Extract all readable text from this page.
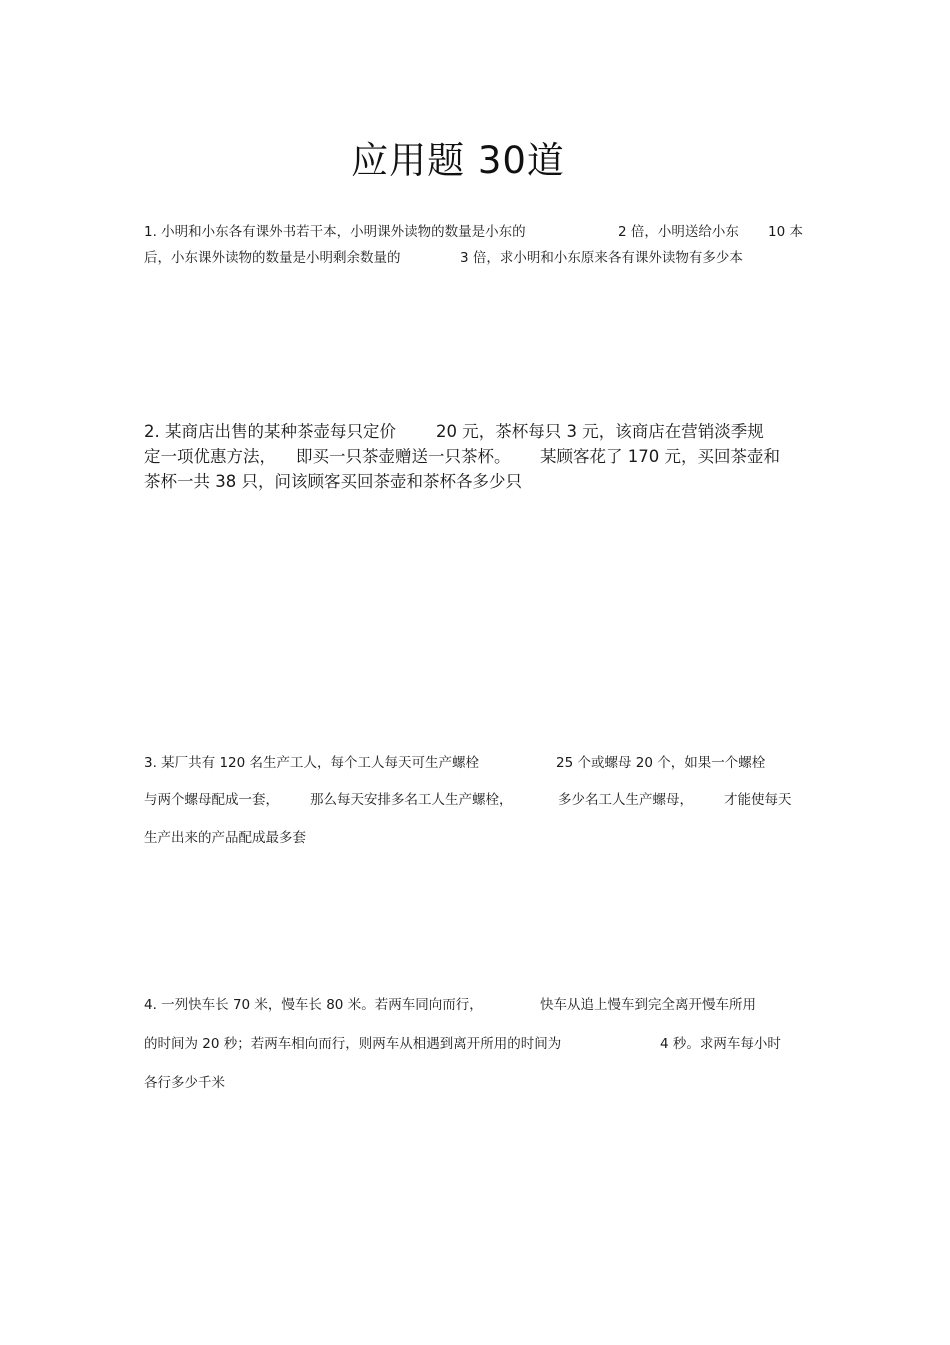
应用题 30道
1. 小明和小东各有课外书若干本，小明课外读物的数量是小东的	2 倍，小明送给小东 10 本
后，小东课外读物的数量是小明剩余数量的	3 倍，求小明和小东原来各有课外读物有多少本
2. 某商店出售的某种茶壶每只定价 20 元，茶杯每只 3 元，该商店在营销淡季规
定一项优惠方法， 即买一只茶壶赠送一只茶杯。 某顾客花了 170 元，买回茶壶和
茶杯一共 38 只，问该顾客买回茶壶和茶杯各多少只
3. 某厂共有 120 名生产工人，每个工人每天可生产螺栓	25 个或螺母 20 个，如果一个螺栓
与两个螺母配成一套， 那么每天安排多名工人生产螺栓，	多少名工人生产螺母， 才能使每天
生产出来的产品配成最多套
4. 一列快车长 70 米，慢车长 80 米。若两车同向而行，	快车从追上慢车到完全离开慢车所用
的时间为 20 秒；若两车相向而行，则两车从相遇到离开所用的时间为	4 秒。求两车每小时
各行多少千米
